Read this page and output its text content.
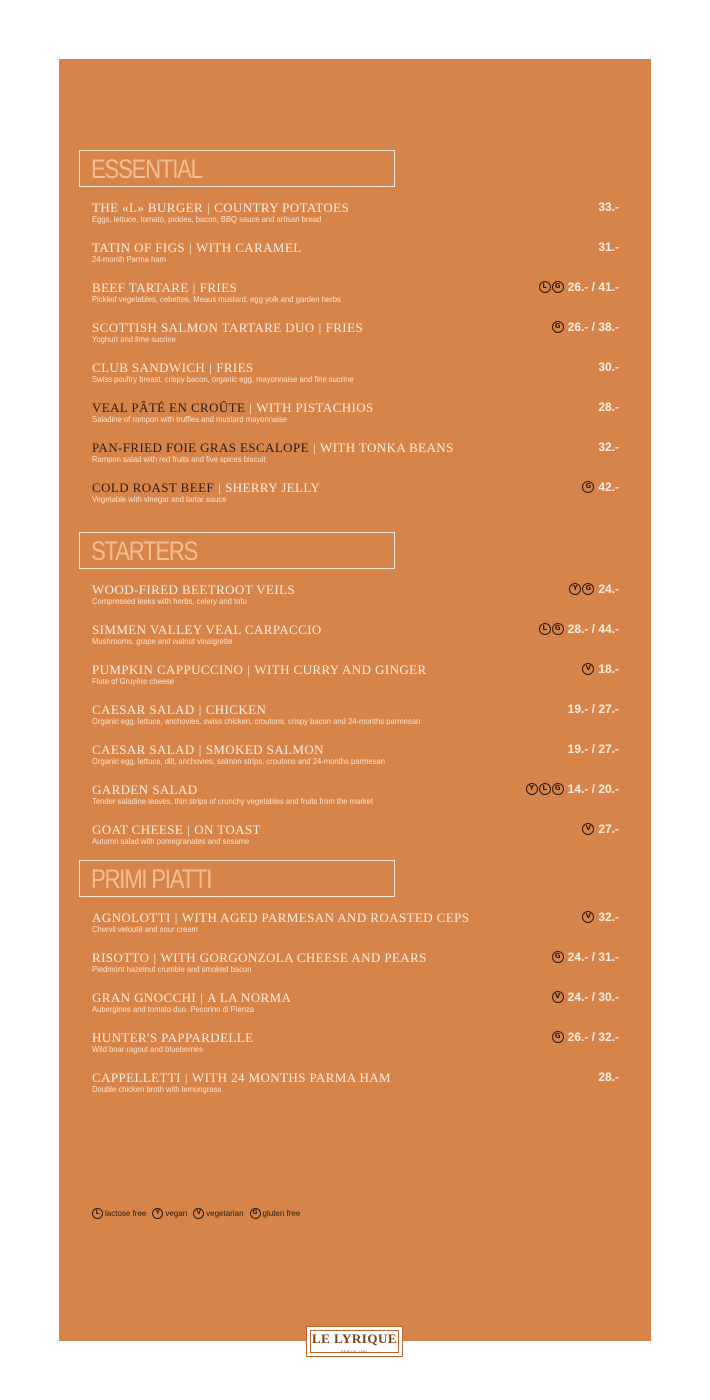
ESSENTIAL
THE «L» BURGER | COUNTRY POTATOES
Eggs, lettuce, tomato, pickles, bacon, BBQ sauce and artisan bread
33.-
TATIN OF FIGS | WITH CARAMEL
24-month Parma ham
31.-
BEEF TARTARE | FRIES
Pickled vegetables, cebettes, Meaux mustard, egg yolk and garden herbs
L	G 26.- / 41.-
SCOTTISH SALMON TARTARE DUO | FRIES
Yoghurt and lime sucrine
G 26.- / 38.-
CLUB SANDWICH | FRIES
Swiss poultry breast, crispy bacon, organic egg, mayonnaise and fine sucrine
30.-
VEAL PÂTÉ EN CROÛTE | WITH PISTACHIOS
Saladine of rampon with truffles and mustard mayonnaise
28.-
PAN-FRIED FOIE GRAS ESCALOPE | WITH TONKA BEANS
Rampon salad with red fruits and five spices biscuit
32.-
COLD ROAST BEEF | SHERRY JELLY
Vegetable with vinegar and tartar sauce
G 42.-
STARTERS
WOOD-FIRED BEETROOT VEILS
Compressed leeks with herbs, celery and tofu
Y	G 24.-
SIMMEN VALLEY VEAL CARPACCIO
Mushrooms, grape and walnut vinaigrette
L	G 28.- / 44.-
PUMPKIN CAPPUCCINO | WITH CURRY AND GINGER
Flute of Gruyère cheese
V 18.-
CAESAR SALAD | CHICKEN
Organic egg, lettuce, anchovies, swiss chicken, croutons, crispy bacon and 24-months parmesan
19.- / 27.-
CAESAR SALAD | SMOKED SALMON
Organic egg, lettuce, dill, anchovies, salmon strips, croutons and 24-months parmesan
19.- / 27.-
GARDEN SALAD
Tender saladine leaves, thin strips of crunchy vegetables and fruits from the market
Y	L	G 14.- / 20.-
GOAT CHEESE | ON TOAST
Autumn salad with pomegranates and sesame
V 27.-
PRIMI PIATTI
AGNOLOTTI | WITH AGED PARMESAN AND ROASTED CEPS
Chervil velouté and sour cream
V 32.-
RISOTTO | WITH GORGONZOLA CHEESE AND PEARS
Piedmont hazelnut crumble and smoked bacon
G 24.- / 31.-
GRAN GNOCCHI | A LA NORMA
Aubergines and tomato duo. Pecorino di Pienza
V 24.- / 30.-
HUNTER'S PAPPARDELLE
Wild boar ragout and blueberries
G 26.- / 32.-
CAPPELLETTI | WITH 24 MONTHS PARMA HAM
Double chicken broth with lemongrass
28.-
L lactose free	Y vegan	V vegetarian	G gluten free
LE LYRIQUE
DEPUIS 1991
